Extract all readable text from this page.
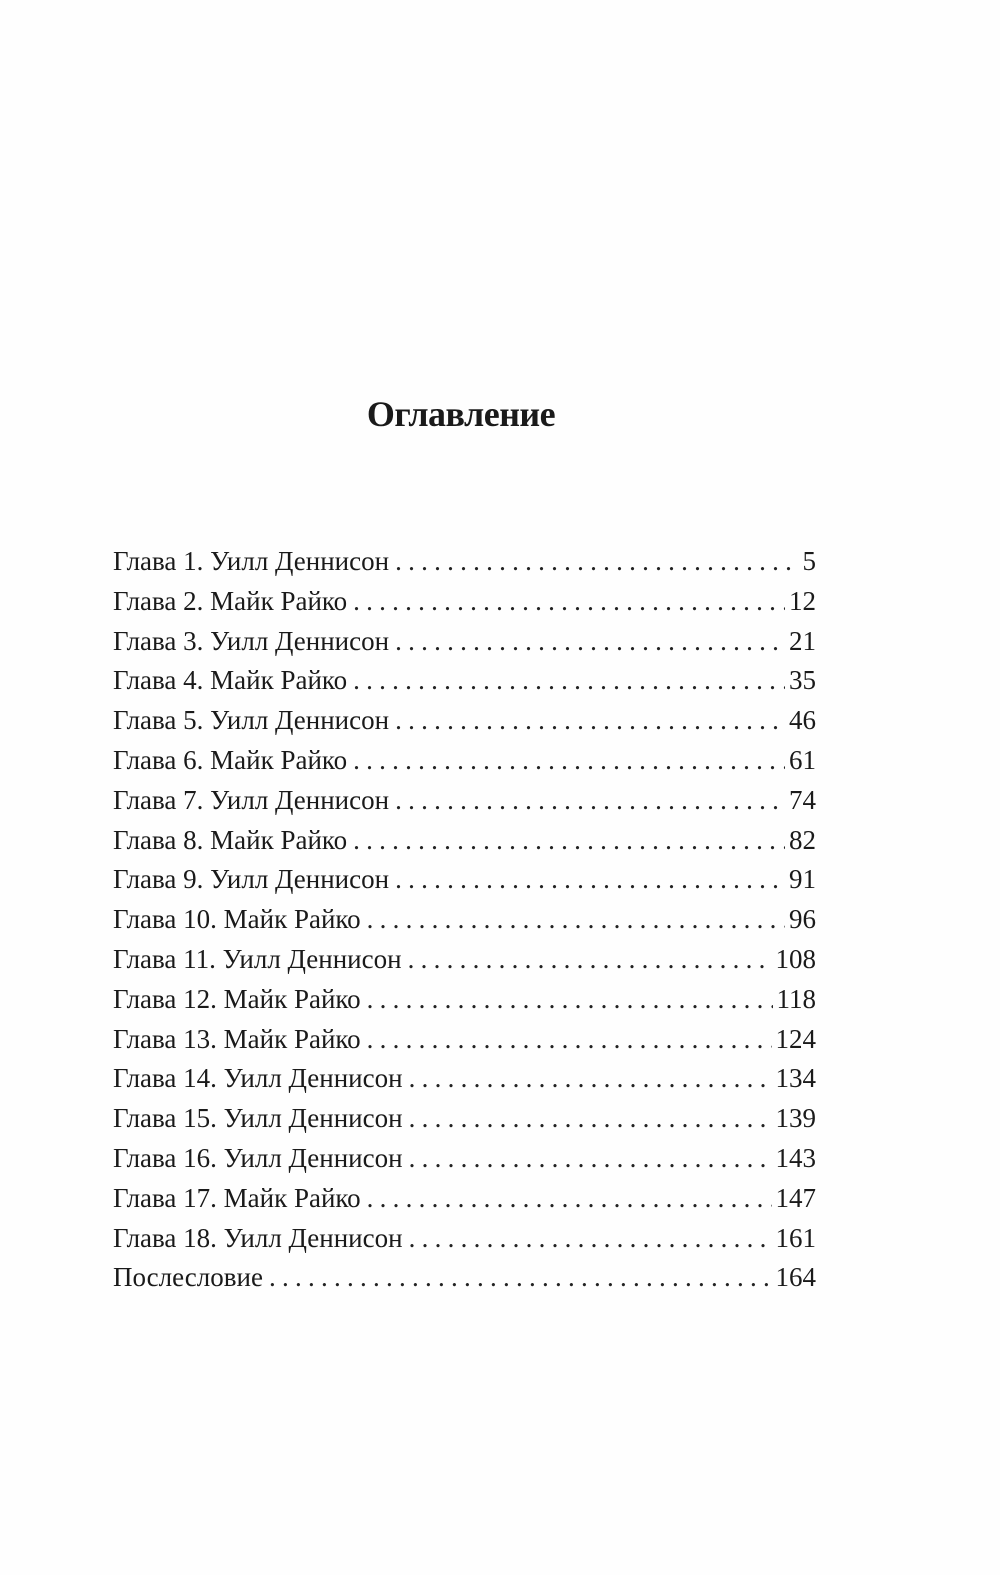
Оглавление
Глава 1. Уилл Деннисон . . .	5
Глава 2. Майк Райко . . .	12
Глава 3. Уилл Деннисон . . .	21
Глава 4. Майк Райко . . .	35
Глава 5. Уилл Деннисон . . .	46
Глава 6. Майк Райко . . .	61
Глава 7. Уилл Деннисон . . .	74
Глава 8. Майк Райко . . .	82
Глава 9. Уилл Деннисон . . .	91
Глава 10. Майк Райко . . .	96
Глава 11. Уилл Деннисон . . .	108
Глава 12. Майк Райко . . .	118
Глава 13. Майк Райко . . .	124
Глава 14. Уилл Деннисон . . .	134
Глава 15. Уилл Деннисон . . .	139
Глава 16. Уилл Деннисон . . .	143
Глава 17. Майк Райко . . .	147
Глава 18. Уилл Деннисон . . .	161
Послесловие . . .	164
